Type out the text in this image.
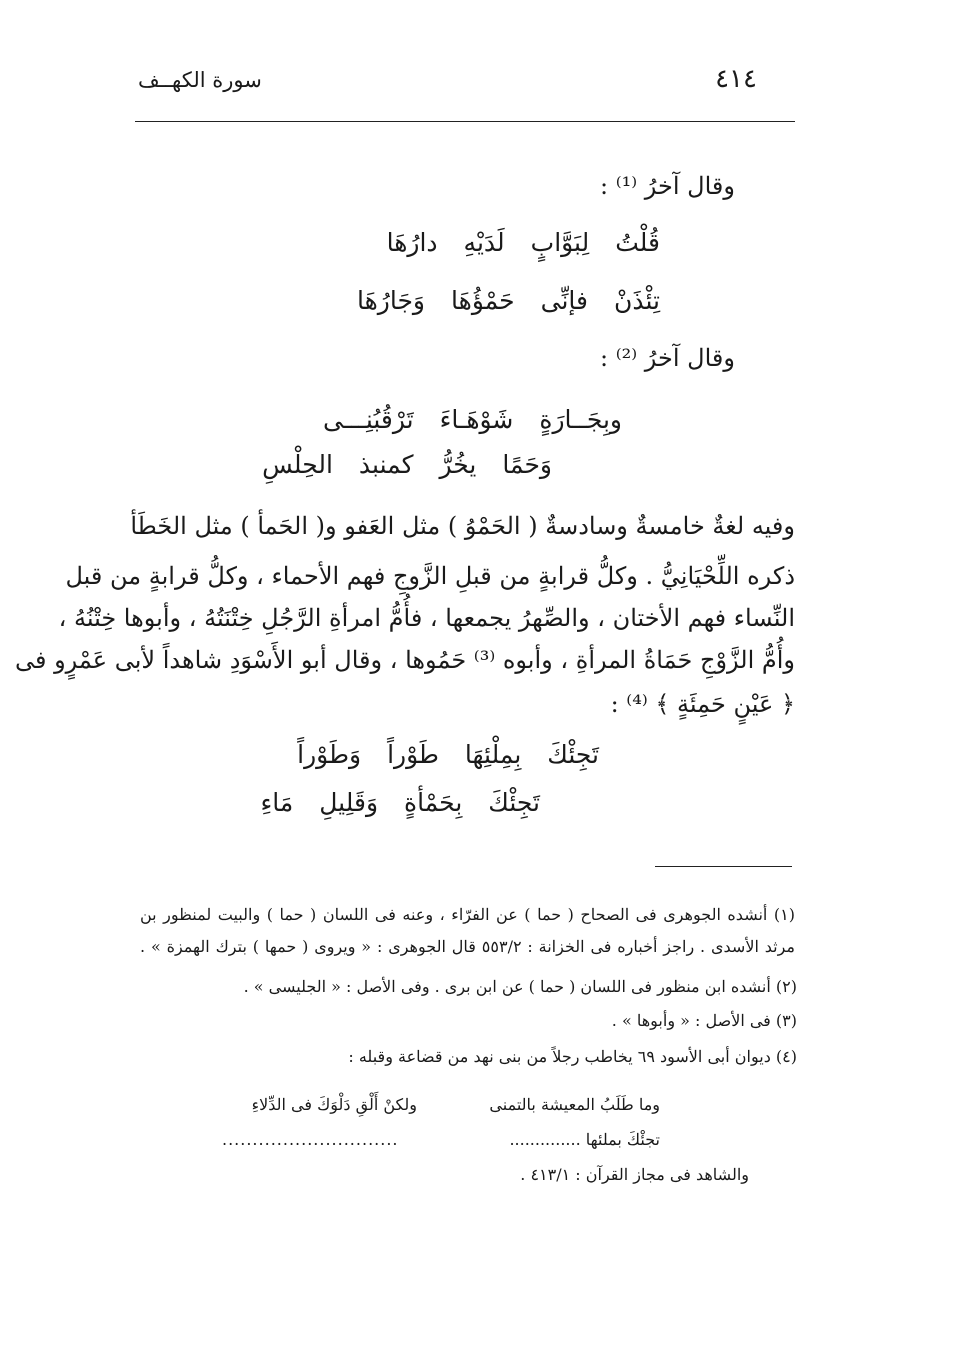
٤١٤
سورة الكهــف
وقال آخرُ ⁽¹⁾ :
قُلْتُلِبَوَّابٍلَدَيْهِدارُهَا
تِئْذَنْفإنِّىحَمْؤُهَاوَجَارُهَا
وقال آخرُ ⁽²⁾ :
وبِجَــارَةٍشَوْهَـاءَتَرْقُبُنِـــى
وَحَمًايخُرُّكمنبذالحِلْسِ
وفيه لغةٌ خامسةٌ وسادسةٌ ( الحَمْوُ ) مثل العَفو و( الحَمأ ) مثل الخَطَأ
ذكره اللِّحْيَانِيُّ . وكلُّ قرابةٍ من قبلِ الزَّوجِ فهم الأحماء ، وكلُّ قرابةٍ من قبل
النِّساء فهم الأختان ، والصِّهرُ يجمعها ، فأُمُّ امرأةِ الرَّجُلِ خِتْنَتُهُ ، وأبوها خِتْنُهُ ،
وأُمُّ الزَّوْجِ حَمَاةُ المرأةِ ، وأبوه ⁽³⁾ حَمُوها ، وقال أبو الأَسْوَدِ شاهداً لأبى عَمْرٍو فى
﴿ عَيْنٍ حَمِئَةٍ ﴾ ⁽⁴⁾ :
تَجِئْكَبِمِلْئِهَاطَوْراًوَطَوْراً
تَجِئْكَبِحَمْأةٍوَقَلِيلِمَاءِ
(١) أنشده الجوهرى فى الصحاح ( حما ) عن الفرّاء ، وعنه فى اللسان ( حما ) والبيت لمنظور بن
مرثد الأسدى . راجز أخباره فى الخزانة : ٥٥٣/٢ قال الجوهرى : « ويروى ( حمها ) بترك الهمزة » .
(٢) أنشده ابن منظور فى اللسان ( حما ) عن ابن برى . وفى الأصل : « الجليسى » .
(٣) فى الأصل : « وأبوها » .
(٤) ديوان أبى الأسود ٦٩ يخاطب رجلاً من بنى نهد من قضاعة وقبله :
وما طَلَبُ المعيشة بالتمنى
ولكنْ أَلْقِ دَلْوَكَ فى الدِّلاءِ
تجئْكَ بملئها ..............
.............................
والشاهد فى مجاز القرآن : ٤١٣/١ .
